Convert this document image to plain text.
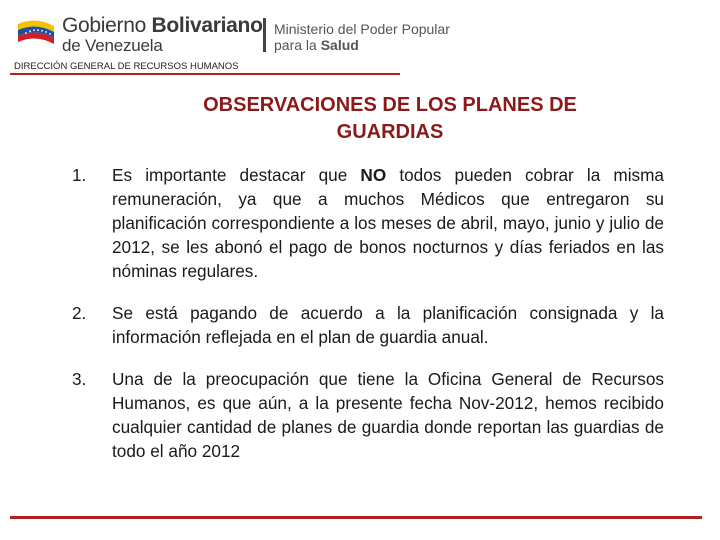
Gobierno Bolivariano
de Venezuela
Ministerio del Poder Popular
para la Salud
DIRECCIÓN GENERAL DE RECURSOS HUMANOS
OBSERVACIONES DE LOS PLANES DE
GUARDIAS
1. Es importante destacar que NO todos pueden cobrar la misma remuneración, ya que a muchos Médicos que entregaron su planificación correspondiente a los meses de abril, mayo, junio y julio de 2012, se les abonó el pago de bonos nocturnos y días feriados en las nóminas regulares.
2. Se está pagando de acuerdo a la planificación consignada y la información reflejada en el plan de guardia anual.
3. Una de la preocupación que tiene la Oficina General de Recursos Humanos, es que aún, a la presente fecha Nov-2012, hemos recibido cualquier cantidad de planes de guardia donde reportan las guardias de todo el año 2012
